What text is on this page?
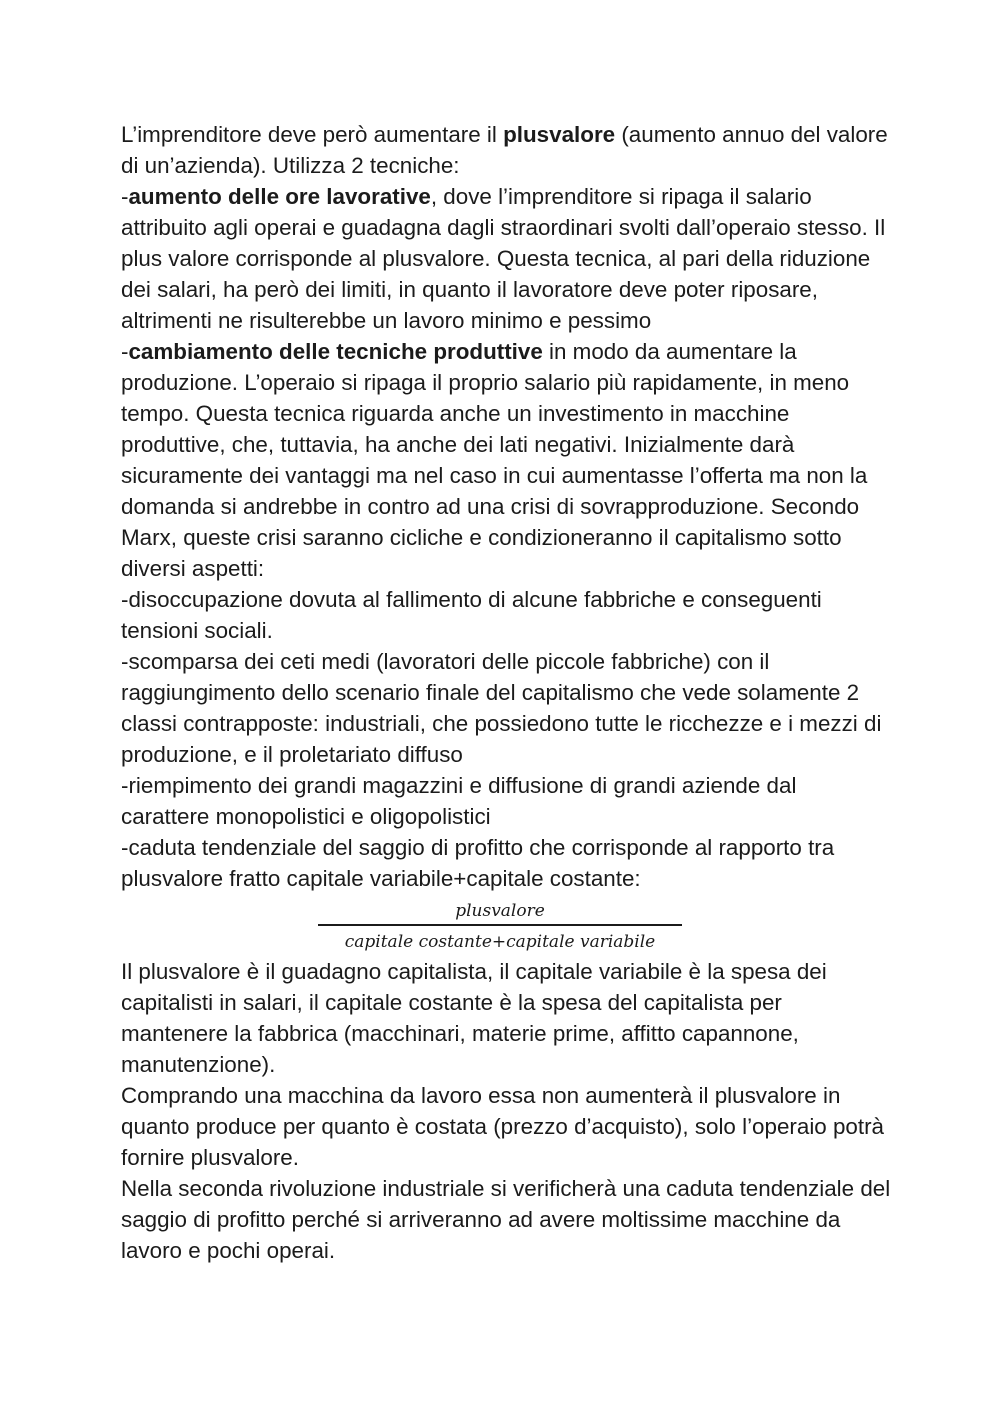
L’imprenditore deve però aumentare il plusvalore (aumento annuo del valore di un’azienda). Utilizza 2 tecniche:

-aumento delle ore lavorative, dove l’imprenditore si ripaga il salario attribuito agli operai e guadagna dagli straordinari svolti dall’operaio stesso. Il plus valore corrisponde al plusvalore. Questa tecnica, al pari della riduzione dei salari, ha però dei limiti, in quanto il lavoratore deve poter riposare, altrimenti ne risulterebbe un lavoro minimo e pessimo

-cambiamento delle tecniche produttive in modo da aumentare la produzione. L’operaio si ripaga il proprio salario più rapidamente, in meno tempo. Questa tecnica riguarda anche un investimento in macchine produttive, che, tuttavia, ha anche dei lati negativi. Inizialmente darà sicuramente dei vantaggi ma nel caso in cui aumentasse l’offerta ma non la domanda si andrebbe in contro ad una crisi di sovrapproduzione. Secondo Marx, queste crisi saranno cicliche e condizioneranno il capitalismo sotto diversi aspetti:

-disoccupazione dovuta al fallimento di alcune fabbriche e conseguenti tensioni sociali.

-scomparsa dei ceti medi (lavoratori delle piccole fabbriche) con il raggiungimento dello scenario finale del capitalismo che vede solamente 2 classi contrapposte: industriali, che possiedono tutte le ricchezze e i mezzi di produzione, e il proletariato diffuso

-riempimento dei grandi magazzini e diffusione di grandi aziende dal carattere monopolistici e oligopolistici

-caduta tendenziale del saggio di profitto che corrisponde al rapporto tra plusvalore fratto capitale variabile+capitale costante:

plusvalore
capitale costante+capitale variabile

Il plusvalore è il guadagno capitalista, il capitale variabile è la spesa dei capitalisti in salari, il capitale costante è la spesa del capitalista per mantenere la fabbrica (macchinari, materie prime, affitto capannone, manutenzione).

Comprando una macchina da lavoro essa non aumenterà il plusvalore in quanto produce per quanto è costata (prezzo d’acquisto), solo l’operaio potrà fornire plusvalore.

Nella seconda rivoluzione industriale si verificherà una caduta tendenziale del saggio di profitto perché si arriveranno ad avere moltissime macchine da lavoro e pochi operai.
